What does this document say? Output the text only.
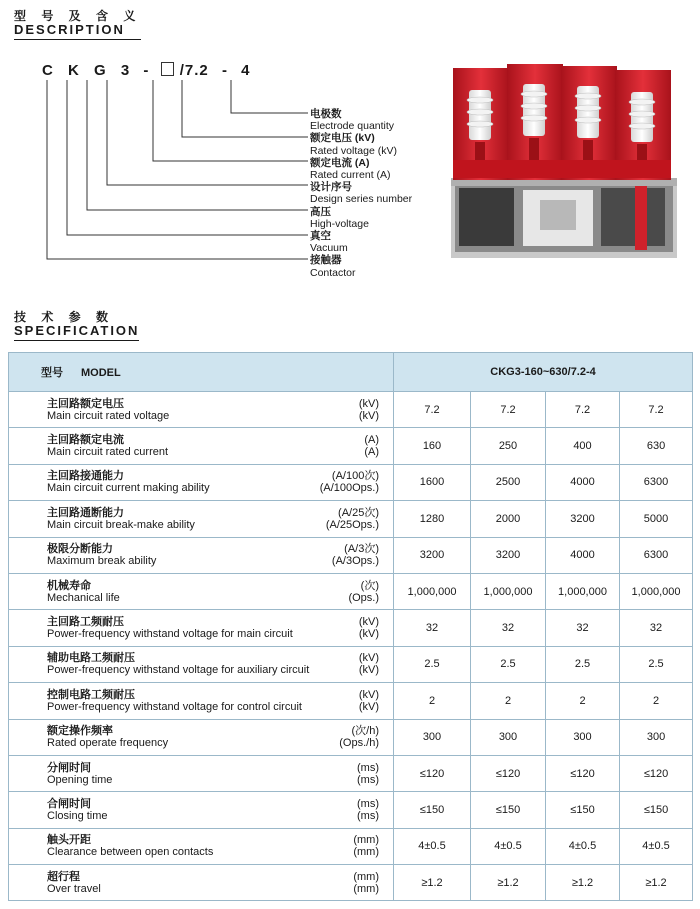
型 号 及 含 义
DESCRIPTION
C K G 3 - /7.2 - 4
电极数
Electrode quantity
额定电压 (kV)
Rated voltage (kV)
额定电流 (A)
Rated current (A)
设计序号
Design series number
高压
High-voltage
真空
Vacuum
接触器
Contactor
技 术 参 数
SPECIFICATION
型号 MODEL	CKG3-160~630/7.2-4			

主回路额定电压
Main circuit rated voltage
(kV)
(kV)	7.2	7.2	7.2	7.2

主回路额定电流
Main circuit rated current
(A)
(A)	160	250	400	630

主回路接通能力
Main circuit current making ability
(A/100次)
(A/100Ops.)	1600	2500	4000	6300

主回路通断能力
Main circuit break-make ability
(A/25次)
(A/25Ops.)	1280	2000	3200	5000

极限分断能力
Maximum break ability
(A/3次)
(A/3Ops.)	3200	3200	4000	6300

机械寿命
Mechanical life
(次)
(Ops.)	1,000,000	1,000,000	1,000,000	1,000,000

主回路工频耐压
Power-frequency withstand voltage for main circuit
(kV)
(kV)	32	32	32	32

辅助电路工频耐压
Power-frequency withstand voltage for auxiliary circuit
(kV)
(kV)	2.5	2.5	2.5	2.5

控制电路工频耐压
Power-frequency withstand voltage for control circuit
(kV)
(kV)	2	2	2	2

额定操作频率
Rated operate frequency
(次/h)
(Ops./h)	300	300	300	300

分闸时间
Opening time
(ms)
(ms)	≤120	≤120	≤120	≤120

合闸时间
Closing time
(ms)
(ms)	≤150	≤150	≤150	≤150

触头开距
Clearance between open contacts
(mm)
(mm)	4±0.5	4±0.5	4±0.5	4±0.5

超行程
Over travel
(mm)
(mm)	≥1.2	≥1.2	≥1.2	≥1.2
